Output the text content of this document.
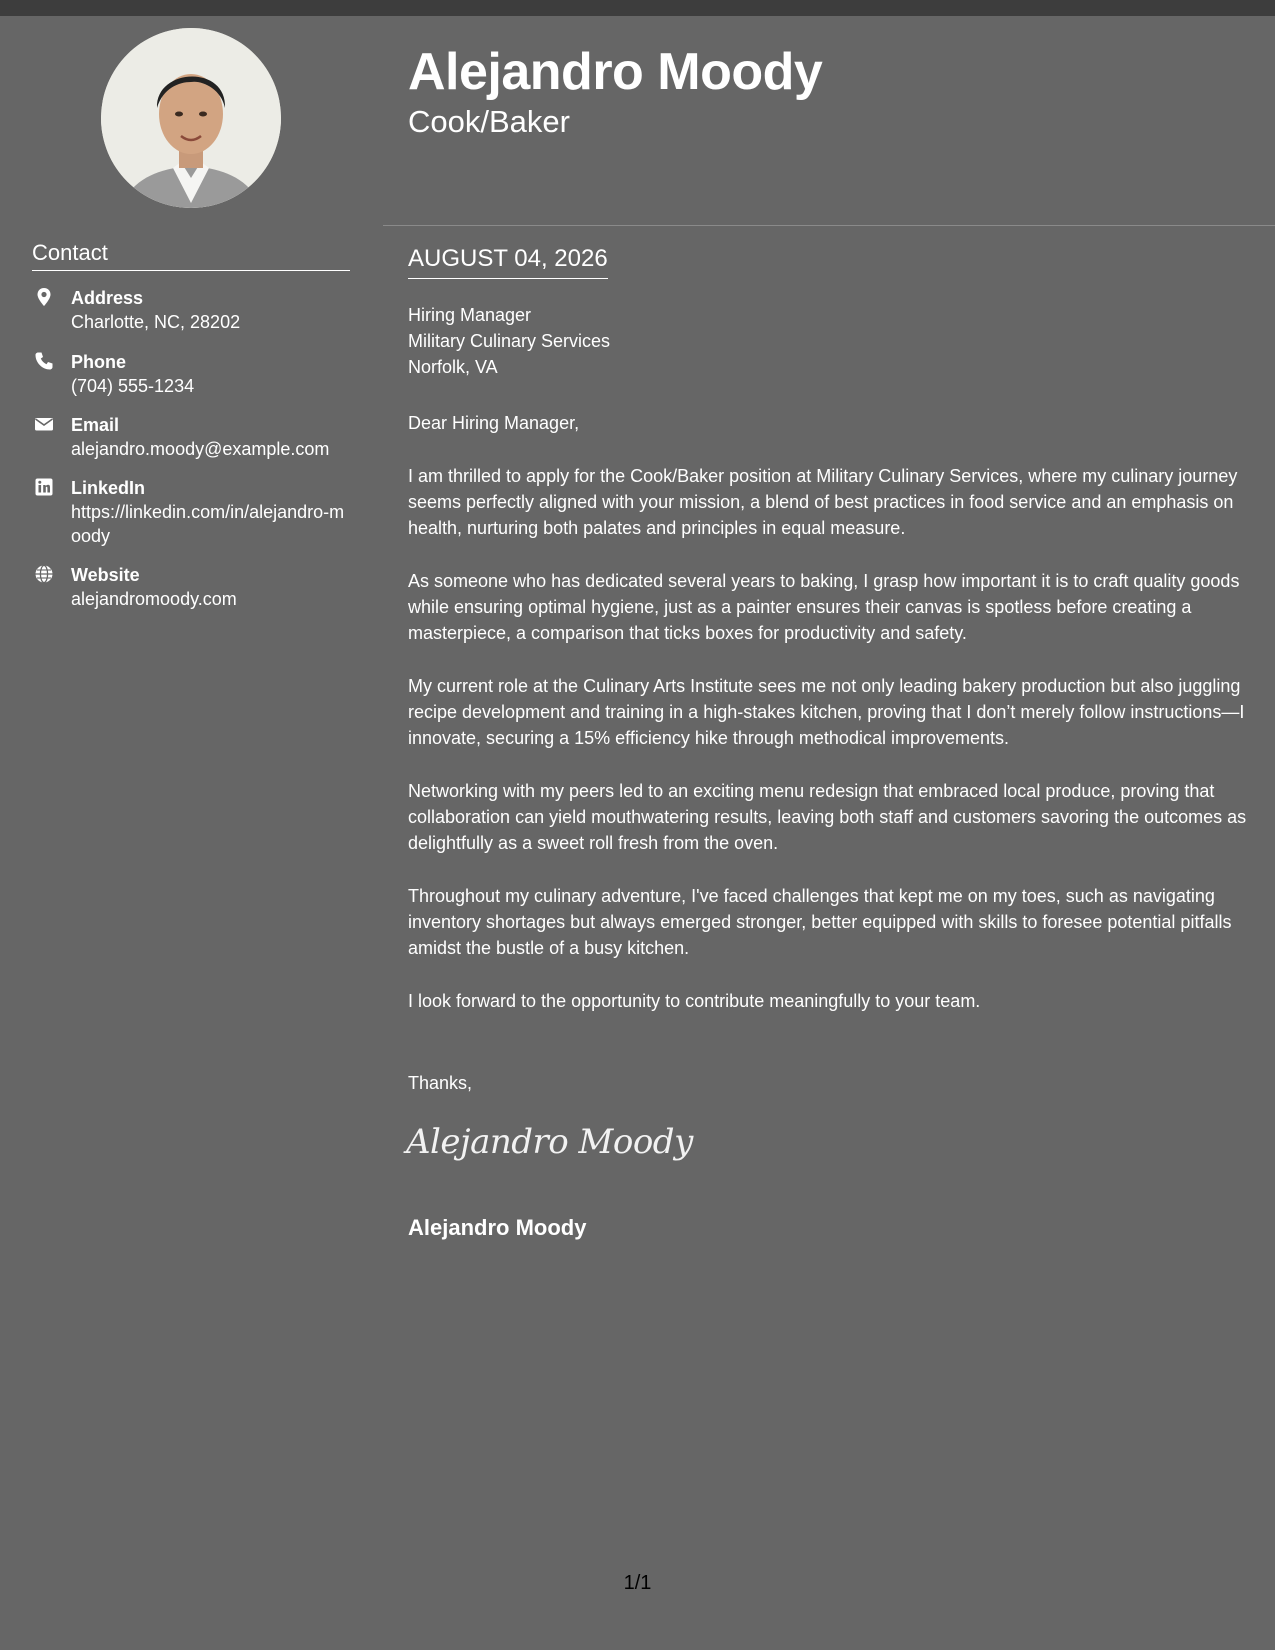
Contact
Address
Charlotte, NC, 28202
Phone
(704) 555-1234
Email
alejandro.moody@example.com
LinkedIn
https://linkedin.com/in/alejandro-moody
Website
alejandromoody.com
Alejandro Moody
Cook/Baker
AUGUST 04, 2026
Hiring Manager
Military Culinary Services
Norfolk, VA

Dear Hiring Manager,

I am thrilled to apply for the Cook/Baker position at Military Culinary Services, where my culinary journey seems perfectly aligned with your mission, a blend of best practices in food service and an emphasis on health, nurturing both palates and principles in equal measure.

As someone who has dedicated several years to baking, I grasp how important it is to craft quality goods while ensuring optimal hygiene, just as a painter ensures their canvas is spotless before creating a masterpiece, a comparison that ticks boxes for productivity and safety.

My current role at the Culinary Arts Institute sees me not only leading bakery production but also juggling recipe development and training in a high-stakes kitchen, proving that I don’t merely follow instructions—I innovate, securing a 15% efficiency hike through methodical improvements.

Networking with my peers led to an exciting menu redesign that embraced local produce, proving that collaboration can yield mouthwatering results, leaving both staff and customers savoring the outcomes as delightfully as a sweet roll fresh from the oven.

Throughout my culinary adventure, I've faced challenges that kept me on my toes, such as navigating inventory shortages but always emerged stronger, better equipped with skills to foresee potential pitfalls amidst the bustle of a busy kitchen.

I look forward to the opportunity to contribute meaningfully to your team.

Thanks,
Alejandro Moody
Alejandro Moody
1/1
